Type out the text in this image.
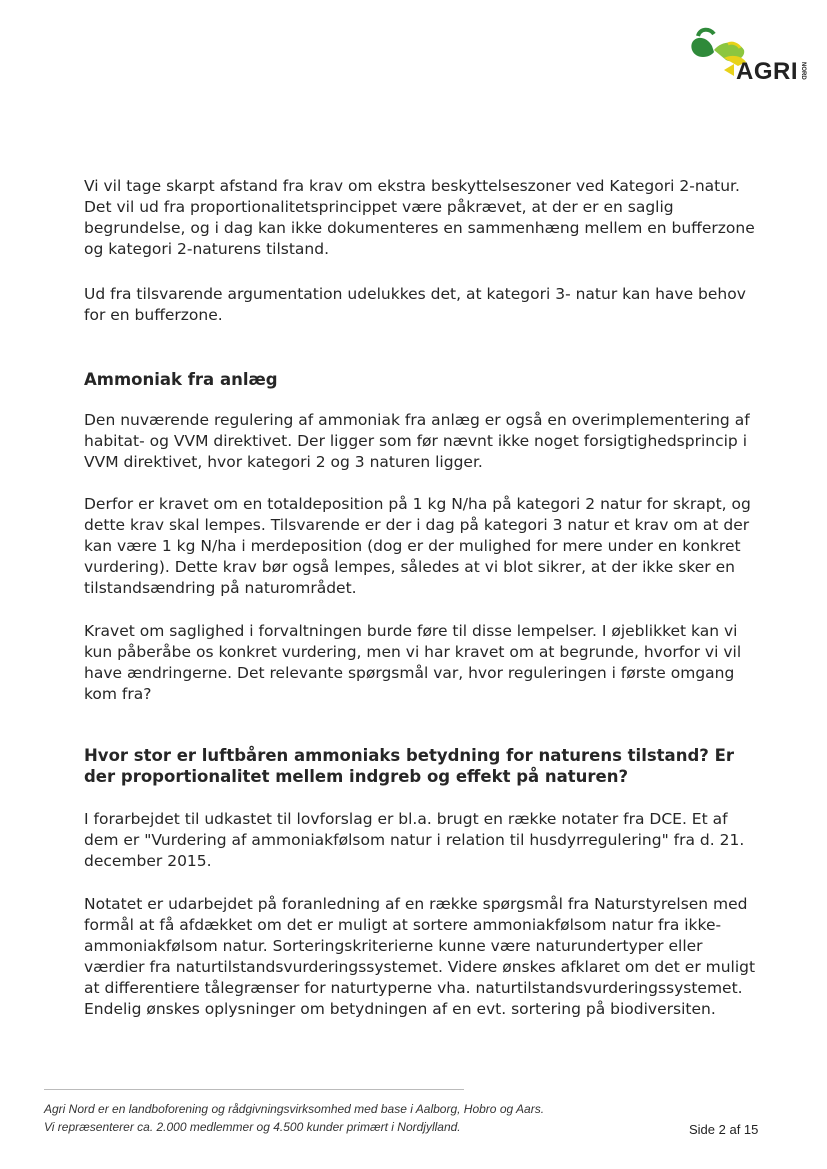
AGRI NORD

Vi vil tage skarpt afstand fra krav om ekstra beskyttelseszoner ved Kategori 2-natur. Det vil ud fra proportionalitetsprincippet være påkrævet, at der er en saglig begrundelse, og i dag kan ikke dokumenteres en sammenhæng mellem en bufferzone og kategori 2-naturens tilstand.

Ud fra tilsvarende argumentation udelukkes det, at kategori 3- natur kan have behov for en bufferzone.

Ammoniak fra anlæg

Den nuværende regulering af ammoniak fra anlæg er også en overimplementering af habitat- og VVM direktivet. Der ligger som før nævnt ikke noget forsigtighedsprincip i VVM direktivet, hvor kategori 2 og 3 naturen ligger.

Derfor er kravet om en totaldeposition på 1 kg N/ha på kategori 2 natur for skrapt, og dette krav skal lempes. Tilsvarende er der i dag på kategori 3 natur et krav om at der kan være 1 kg N/ha i merdeposition (dog er der mulighed for mere under en konkret vurdering). Dette krav bør også lempes, således at vi blot sikrer, at der ikke sker en tilstandsændring på naturområdet.

Kravet om saglighed i forvaltningen burde føre til disse lempelser. I øjeblikket kan vi kun påberåbe os konkret vurdering, men vi har kravet om at begrunde, hvorfor vi vil have ændringerne. Det relevante spørgsmål var, hvor reguleringen i første omgang kom fra?

Hvor stor er luftbåren ammoniaks betydning for naturens tilstand? Er der proportionalitet mellem indgreb og effekt på naturen?

I forarbejdet til udkastet til lovforslag er bl.a. brugt en række notater fra DCE. Et af dem er "Vurdering af ammoniakfølsom natur i relation til husdyrregulering" fra d. 21. december 2015.

Notatet er udarbejdet på foranledning af en række spørgsmål fra Naturstyrelsen med formål at få afdækket om det er muligt at sortere ammoniakfølsom natur fra ikke-ammoniakfølsom natur. Sorteringskriterierne kunne være naturundertyper eller værdier fra naturtilstandsvurderingssystemet. Videre ønskes afklaret om det er muligt at differentiere tålegrænser for naturtyperne vha. naturtilstandsvurderingssystemet. Endelig ønskes oplysninger om betydningen af en evt. sortering på biodiversiten.

Agri Nord er en landboforening og rådgivningsvirksomhed med base i Aalborg, Hobro og Aars.
Vi repræsenterer ca. 2.000 medlemmer og 4.500 kunder primært i Nordjylland.	Side 2 af 15
